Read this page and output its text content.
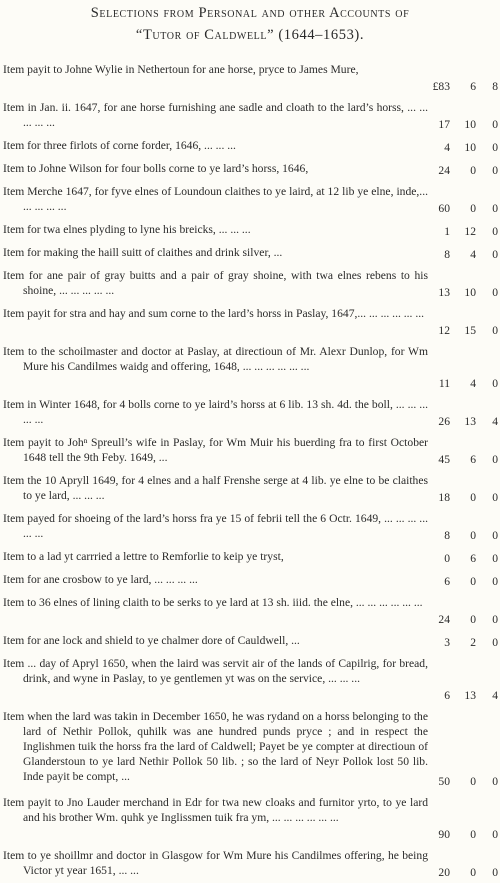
Selections from Personal and other Accounts of
“Tutor of Caldwell” (1644–1653).
Item payit to Johne Wylie in Nethertoun for ane horse, pryce to James Mure,
£83	6	8
Item in Jan. ii. 1647, for ane horse furnishing ane sadle and cloath to the lard’s horss, ... ... ... ... ...	17	10	0
Item for three firlots of corne forder, 1646, ... ... ...	4	10	0
Item to Johne Wilson for four bolls corne to ye lard’s horss, 1646,	24	0	0
Item Merche 1647, for fyve elnes of Loundoun claithes to ye laird, at 12 lib ye elne, inde,... ... ... ... ...	60	0	0
Item for twa elnes plyding to lyne his breicks, ... ... ...	1	12	0
Item for making the haill suitt of claithes and drink silver, ...	8	4	0
Item for ane pair of gray buitts and a pair of gray shoine, with twa elnes rebens to his shoine, ... ... ... ... ...	13	10	0
Item payit for stra and hay and sum corne to the lard’s horss in Paslay, 1647,... ... ... ... ... ...
12	15	0
Item to the schoilmaster and doctor at Paslay, at directioun of Mr. Alexr Dunlop, for Wm Mure his Candilmes waidg and offering, 1648, ... ... ... ... ... ...
11	4	0
Item in Winter 1648, for 4 bolls corne to ye laird’s horss at 6 lib. 13 sh. 4d. the boll, ... ... ... ... ...	26	13	4
Item payit to Johⁿ Spreull’s wife in Paslay, for Wm Muir his buerding fra to first October 1648 tell the 9th Feby. 1649, ...	45	6	0
Item the 10 Apryll 1649, for 4 elnes and a half Frenshe serge at 4 lib. ye elne to be claithes to ye lard, ... ... ...	18	0	0
Item payed for shoeing of the lard’s horss fra ye 15 of febrii tell the 6 Octr. 1649, ... ... ... ... ... ...	8	0	0
Item to a lad yt carrried a lettre to Remforlie to keip ye tryst,	0	6	0
Item for ane crosbow to ye lard, ... ... ... ...	6	0	0
Item to 36 elnes of lining claith to be serks to ye lard at 13 sh. iiid. the elne, ... ... ... ... ... ...
24	0	0
Item for ane lock and shield to ye chalmer dore of Cauldwell, ...	3	2	0
Item ... day of Apryl 1650, when the laird was servit air of the lands of Capilrig, for bread, drink, and wyne in Paslay, to ye gentlemen yt was on the service, ... ... ...
6	13	4
Item when the lard was takin in December 1650, he was rydand on a horss belonging to the lard of Nethir Pollok, quhilk was ane hundred punds pryce ; and in respect the Inglishmen tuik the horss fra the lard of Caldwell; Payet be ye compter at directioun of Glanderstoun to ye lard Nethir Pollok 50 lib. ; so the lard of Neyr Pollok lost 50 lib. Inde payit be compt, ...	50	0	0
Item payit to Jno Lauder merchand in Edr for twa new cloaks and furnitor yrto, to ye lard and his brother Wm. quhk ye Inglissmen tuik fra ym, ... ... ... ... ... ...
90	0	0
Item to ye shoillmr and doctor in Glasgow for Wm Mure his Candilmes offering, he being Victor yt year 1651, ... ...	20	0	0
